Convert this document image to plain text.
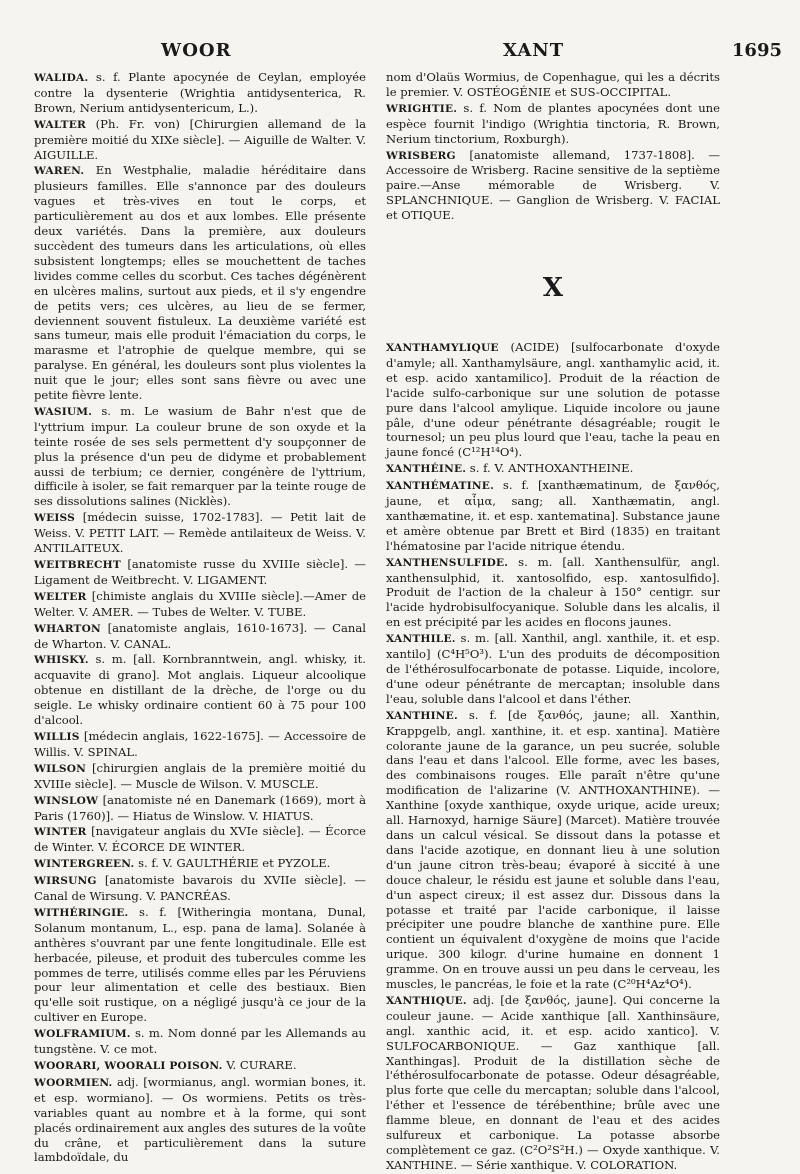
WOOR	XANT	1695
WALIDA. s. f. Plante apocynée de Ceylan, employée contre la dysenterie (Wrightia antidysenterica, R. Brown, Nerium antidysentericum, L.).
WALTER (Ph. Fr. von) [Chirurgien allemand de la première moitié du XIXe siècle]. — Aiguille de Walter. V. AIGUILLE.
WAREN. En Westphalie, maladie héréditaire dans plusieurs familles. Elle s'annonce par des douleurs vagues et très-vives en tout le corps, et particulièrement au dos et aux lombes. Elle présente deux variétés. Dans la première, aux douleurs succèdent des tumeurs dans les articulations, où elles subsistent longtemps; elles se mouchettent de taches livides comme celles du scorbut. Ces taches dégénèrent en ulcères malins, surtout aux pieds, et il s'y engendre de petits vers; ces ulcères, au lieu de se fermer, deviennent souvent fistuleux. La deuxième variété est sans tumeur, mais elle produit l'émaciation du corps, le marasme et l'atrophie de quelque membre, qui se paralyse. En général, les douleurs sont plus violentes la nuit que le jour; elles sont sans fièvre ou avec une petite fièvre lente.
WASIUM. s. m. Le wasium de Bahr n'est que de l'yttrium impur. La couleur brune de son oxyde et la teinte rosée de ses sels permettent d'y soupçonner de plus la présence d'un peu de didyme et probablement aussi de terbium; ce dernier, congénère de l'yttrium, difficile à isoler, se fait remarquer par la teinte rouge de ses dissolutions salines (Nicklès).
WEISS [médecin suisse, 1702-1783]. — Petit lait de Weiss. V. PETIT LAIT. — Remède antilaiteux de Weiss. V. ANTILAITEUX.
WEITBRECHT [anatomiste russe du XVIIIe siècle]. — Ligament de Weitbrecht. V. LIGAMENT.
WELTER [chimiste anglais du XVIIIe siècle].—Amer de Welter. V. AMER. — Tubes de Welter. V. TUBE.
WHARTON [anatomiste anglais, 1610-1673]. — Canal de Wharton. V. CANAL.
WHISKY. s. m. [all. Kornbranntwein, angl. whisky, it. acquavite di grano]. Mot anglais. Liqueur alcoolique obtenue en distillant de la drèche, de l'orge ou du seigle. Le whisky ordinaire contient 60 à 75 pour 100 d'alcool.
WILLIS [médecin anglais, 1622-1675]. — Accessoire de Willis. V. SPINAL.
WILSON [chirurgien anglais de la première moitié du XVIIIe siècle]. — Muscle de Wilson. V. MUSCLE.
WINSLOW [anatomiste né en Danemark (1669), mort à Paris (1760)]. — Hiatus de Winslow. V. HIATUS.
WINTER [navigateur anglais du XVIe siècle]. — Écorce de Winter. V. ÉCORCE DE WINTER.
WINTERGREEN. s. f. V. GAULTHÉRIE et PYZOLE.
WIRSUNG [anatomiste bavarois du XVIIe siècle]. — Canal de Wirsung. V. PANCRÉAS.
WITHÉRINGIE. s. f. [Witheringia montana, Dunal, Solanum montanum, L., esp. pana de lama]. Solanée à anthères s'ouvrant par une fente longitudinale. Elle est herbacée, pileuse, et produit des tubercules comme les pommes de terre, utilisés comme elles par les Péruviens pour leur alimentation et celle des bestiaux. Bien qu'elle soit rustique, on a négligé jusqu'à ce jour de la cultiver en Europe.
WOLFRAMIUM. s. m. Nom donné par les Allemands au tungstène. V. ce mot.
WOORARI, WOORALI POISON. V. CURARE.
WOORMIEN. adj. [wormianus, angl. wormian bones, it. et esp. wormiano]. — Os wormiens. Petits os très-variables quant au nombre et à la forme, qui sont placés ordinairement aux angles des sutures de la voûte du crâne, et particulièrement dans la suture lambdoïdale, du
nom d'Olaüs Wormius, de Copenhague, qui les a décrits le premier. V. OSTÉOGÉNIE et SUS-OCCIPITAL.
WRIGHTIE. s. f. Nom de plantes apocynées dont une espèce fournit l'indigo (Wrightia tinctoria, R. Brown, Nerium tinctorium, Roxburgh).
WRISBERG [anatomiste allemand, 1737-1808]. — Accessoire de Wrisberg. Racine sensitive de la septième paire.—Anse mémorable de Wrisberg. V. SPLANCHNIQUE. — Ganglion de Wrisberg. V. FACIAL et OTIQUE.
X
XANTHAMYLIQUE (ACIDE) [sulfocarbonate d'oxyde d'amyle; all. Xanthamylsäure, angl. xanthamylic acid, it. et esp. acido xantamilico]. Produit de la réaction de l'acide sulfo-carbonique sur une solution de potasse pure dans l'alcool amylique. Liquide incolore ou jaune pâle, d'une odeur pénétrante désagréable; rougit le tournesol; un peu plus lourd que l'eau, tache la peau en jaune foncé (C¹²H¹⁴O⁴).
XANTHÉINE. s. f. V. ANTHOXANTHEINE.
XANTHÉMATINE. s. f. [xanthæmatinum, de ξανθός, jaune, et αἷμα, sang; all. Xanthæmatin, angl. xanthæmatine, it. et esp. xantematina]. Substance jaune et amère obtenue par Brett et Bird (1835) en traitant l'hématosine par l'acide nitrique étendu.
XANTHENSULFIDE. s. m. [all. Xanthensulfür, angl. xanthensulphid, it. xantosolfido, esp. xantosulfido]. Produit de l'action de la chaleur à 150° centigr. sur l'acide hydrobisulfocyanique. Soluble dans les alcalis, il en est précipité par les acides en flocons jaunes.
XANTHILE. s. m. [all. Xanthil, angl. xanthile, it. et esp. xantilo] (C⁴H⁵O³). L'un des produits de décomposition de l'éthérosulfocarbonate de potasse. Liquide, incolore, d'une odeur pénétrante de mercaptan; insoluble dans l'eau, soluble dans l'alcool et dans l'éther.
XANTHINE. s. f. [de ξανθός, jaune; all. Xanthin, Krappgelb, angl. xanthine, it. et esp. xantina]. Matière colorante jaune de la garance, un peu sucrée, soluble dans l'eau et dans l'alcool. Elle forme, avec les bases, des combinaisons rouges. Elle paraît n'être qu'une modification de l'alizarine (V. ANTHOXANTHINE). — Xanthine [oxyde xanthique, oxyde urique, acide ureux; all. Harnoxyd, harnige Säure] (Marcet). Matière trouvée dans un calcul vésical. Se dissout dans la potasse et dans l'acide azotique, en donnant lieu à une solution d'un jaune citron très-beau; évaporé à siccité à une douce chaleur, le résidu est jaune et soluble dans l'eau, d'un aspect cireux; il est assez dur. Dissous dans la potasse et traité par l'acide carbonique, il laisse précipiter une poudre blanche de xanthine pure. Elle contient un équivalent d'oxygène de moins que l'acide urique. 300 kilogr. d'urine humaine en donnent 1 gramme. On en trouve aussi un peu dans le cerveau, les muscles, le pancréas, le foie et la rate (C²⁰H⁴Az⁴O⁴).
XANTHIQUE. adj. [de ξανθός, jaune]. Qui concerne la couleur jaune. — Acide xanthique [all. Xanthinsäure, angl. xanthic acid, it. et esp. acido xantico]. V. SULFOCARBONIQUE. — Gaz xanthique [all. Xanthingas]. Produit de la distillation sèche de l'éthérosulfocarbonate de potasse. Odeur désagréable, plus forte que celle du mercaptan; soluble dans l'alcool, l'éther et l'essence de térébenthine; brûle avec une flamme bleue, en donnant de l'eau et des acides sulfureux et carbonique. La potasse absorbe complètement ce gaz. (C²O²S²H.) — Oxyde xanthique. V. XANTHINE. — Série xanthique. V. COLORATION.
